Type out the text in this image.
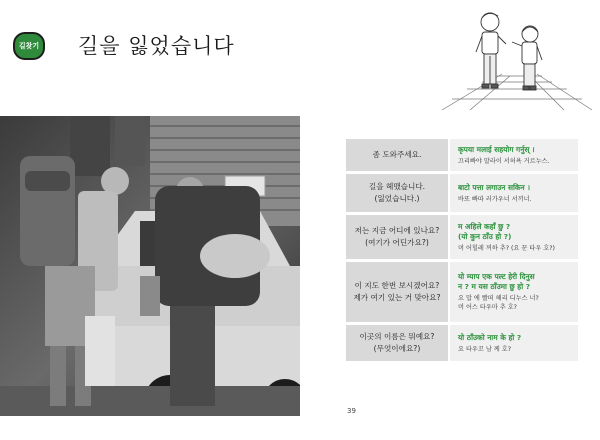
길찾기 길을 잃었습니다
좀 도와주세요.
कृपया मलाई सहयोग गर्नुस् ।
끄리빠야 말라이 서허욕 거르누스.
길을 헤맸습니다.
(잃었습니다.)
बाटो पत्ता लगाउन सकिन ।
바또 빠따 러가우너 서끼너.
저는 지금 어디에 있나요?
(여기가 어딘가요?)
म अहिले कहाँ छु ?
(यो कुन ठाँउ हो ?)
머 어힐레 꺼하 추? (요 꾼 타우 호?)
이 지도 한번 보시겠어요?
제가 여기 있는 거 맞아요?
यो म्याप एक पल्ट हेरी दिनुस
न ? म यस ठाँउमा छु हो ?
요 맙 에 빨떠 헤리 디누스 너?
머 어스 타우마 추 호?
이곳의 이름은 뭐예요?
(무엇이에요?)
यो ठाँउको नाम के हो ?
요 타우꼬 남 께 호?
39
